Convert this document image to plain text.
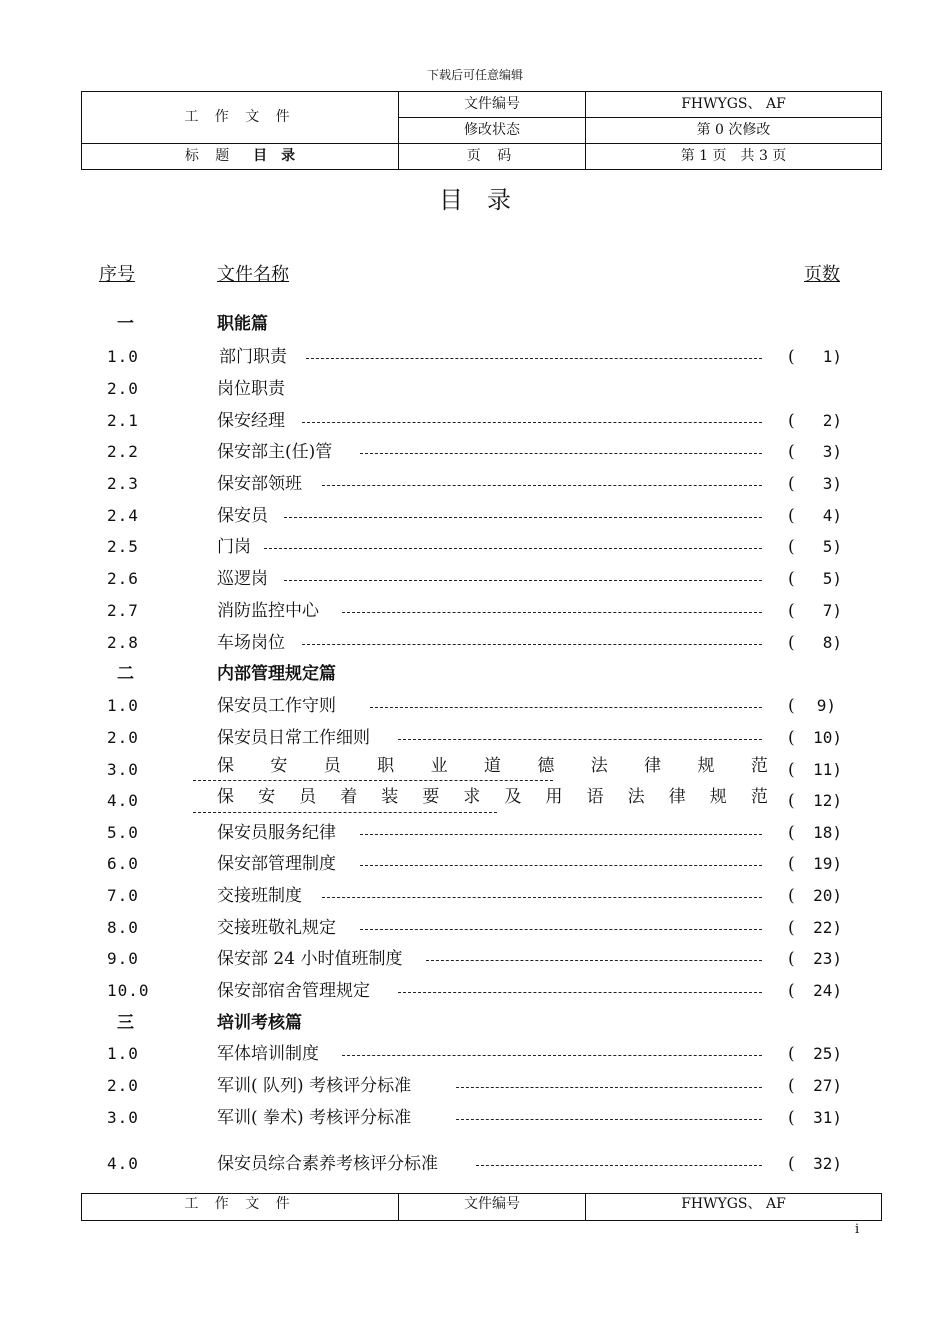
下载后可任意编辑
工 作 文 件	文件编号	FHWYGS、 AF
	修改状态	第 0 次修改
标 题 目　录	页 码	第 1 页　共 3 页
目录
序号	文件名称	页数
一	职能篇
1.0	部门职责	( 1)
2.0	岗位职责
2.1	保安经理	( 2)
2.2	保安部主(任)管	( 3)
2.3	保安部领班	( 3)
2.4	保安员	( 4)
2.5	门岗	( 5)
2.6	巡逻岗	( 5)
2.7	消防监控中心	( 7)
2.8	车场岗位	( 8)
二	内部管理规定篇
1.0	保安员工作守则	( 9)
2.0	保安员日常工作细则	( 10)
3.0	保 安 员 职 业 道 德 法 律 规 范 ( 11)
4.0	保 安 员 着 装 要 求 及 用 语 法 律 规 范 ( 12)
5.0	保安员服务纪律	( 18)
6.0	保安部管理制度	( 19)
7.0	交接班制度	( 20)
8.0	交接班敬礼规定	( 22)
9.0	保安部 24 小时值班制度	( 23)
10.0	保安部宿舍管理规定	( 24)
三	培训考核篇
1.0	军体培训制度	( 25)
2.0	军训( 队列) 考核评分标准	( 27)
3.0	军训( 拳术) 考核评分标准	( 31)
4.0	保安员综合素养考核评分标准	( 32)
工 作 文 件	文件编号	FHWYGS、 AF
i
